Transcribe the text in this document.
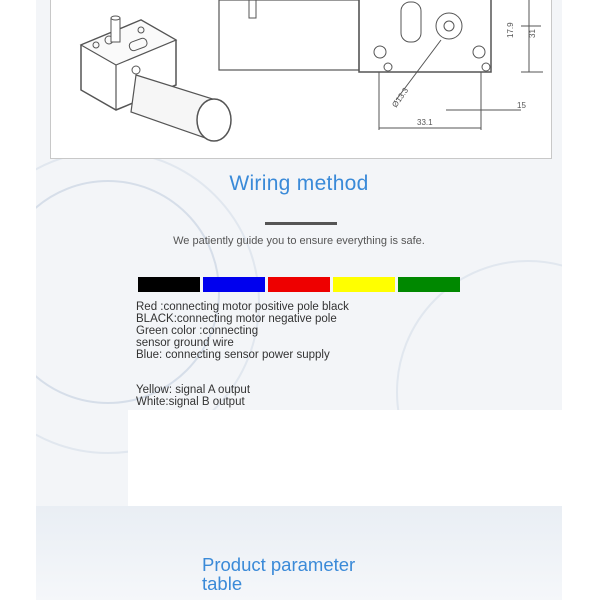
17.9 31
Ø13.3	15
33.1
Wiring method
We patiently guide you to ensure everything is safe.
Red :connecting motor positive pole black
BLACK:connecting motor negative pole
Green color :connecting
sensor ground wire
Blue: connecting sensor power supply
Yellow: signal A output
White:signal B output
Product parameter
table
